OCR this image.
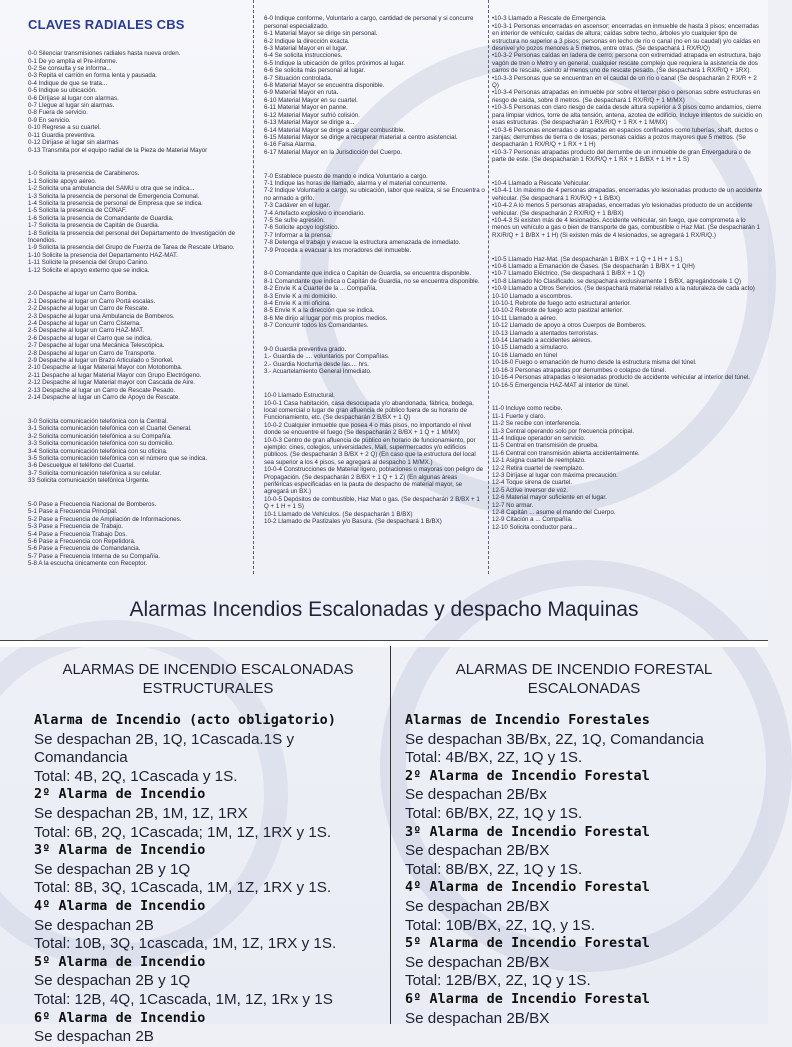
CLAVES RADIALES CBS

0-0 Silenciar transmisiones radiales hasta nueva orden.
0-1 De yo amplía el Pre-informe.
0-2 Se consulta y se informa...
0-3 Repita el carrión en forma lenta y pausada.
0-4 Indique de que se trata...
0-5 Indique su ubicación.
0-6 Diríjase al lugar con alarmas.
0-7 Llegue al lugar sin alarmas.
0-8 Fuera de servicio.
0-9 En servicio.
0-10 Regrese a su cuartel.
0-11 Guardia preventiva.
0-12 Diríjase al lugar sin alarmas
0-13 Transmita por el equipo radial de la Pieza de Material Mayor

1-0 Solicita la presencia de Carabineros.
1-1 Solicite apoyo aéreo.
1-2 Solicita una ambulancia del SAMU u otra que se indica...
1-3 Solicita la presencia de personal de Emergencia Comunal.
1-4 Solicita la presencia de personal de Empresa que se indica.
1-5 Solicita la presencia de CONAF.
1-6 Solicita la presencia de Comandante de Guardia.
1-7 Solicita la presencia de Capitán de Guardia.
1-8 Solicita la presencia del personal del Departamento de Investigación de Incendios.
1-9 Solicita la presencia del Grupo de Fuerza de Tarea de Rescate Urbano.
1-10 Solicite la presencia del Departamento HAZ-MAT.
1-11 Solicite la presencia del Grupo Canino.
1-12 Solicite el apoyo externo que se indica.

2-0 Despache al lugar un Carro Bomba.
2-1 Despache al lugar un Carro Portá escalas.
2-2 Despache al lugar un Carro de Rescate.
2-3 Despache al lugar una Ambulancia de Bomberos.
2-4 Despache al lugar un Carro Cisterna.
2-5 Despache al lugar un Carro HAZ-MAT.
2-6 Despache al lugar el Carro que se indica.
2-7 Despache al lugar una Mecánica Telescópica.
2-8 Despache al lugar un Carro de Transporte.
2-9 Despache al lugar un Brazo Articulado o Snorkel.
2-10 Despache al lugar Material Mayor con Motobomba.
2-11 Despache al lugar Material Mayor con Grupo Electrógeno.
2-12 Despache al lugar Material mayor con Cascada de Aire.
2-13 Despache al lugar un Carro de Rescate Pesado.
2-14 Despache al lugar un Carro de Apoyo de Rescate.

3-0 Solicita comunicación telefónica con la Central.
3-1 Solicita comunicación telefónica con el Cuartel General.
3-2 Solicita comunicación telefónica a su Compañía.
3-3 Solicita comunicación telefónica con su domicilio.
3-4 Solicita comunicación telefónica con su oficina.
3-5 Solicita comunicación telefónica con el número que se indica.
3-6 Descuelgue el teléfono del Cuartel.
3-7 Solicita comunicación telefónica a su celular.
33 Solicita comunicación telefónica Urgente.

5-0 Pase a Frecuencia Nacional de Bomberos.
5-1 Pase a Frecuencia Principal.
5-2 Pase a Frecuencia de Ampliación de Informaciones.
5-3 Pase a Frecuencia de Trabajo.
5-4 Pase a Frecuencia Trabajo Dos.
5-6 Pase a Frecuencia con Repetidora.
5-6 Pase a Frecuencia de Comandancia.
5-7 Pase a Frecuencia Interna de su Compañía.
5-8 A la escucha únicamente con Receptor.

6-0 Indique conforme, Voluntario a cargo, cantidad de personal y si concurre personal especializado.
6-1 Material Mayor se dirige sin personal.
6-2 Indique la dirección exacta.
6-3 Material Mayor en el lugar.
6-4 Se solicita instrucciones.
6-5 Indique la ubicación de grifos próximos al lugar.
6-6 Se solicita más personal al lugar.
6-7 Situación controlada.
6-8 Material Mayor se encuentra disponible.
6-9 Material Mayor en ruta.
6-10 Material Mayor en su cuartel.
6-11 Material Mayor en panne.
6-12 Material Mayor sufrió colisión.
6-13 Material Mayor se dirige a...
6-14 Material Mayor se dirige a cargar combustible.
6-15 Material Mayor se dirige a recuperar material a centro asistencial.
6-16 Falsa Alarma.
6-17 Material Mayor en la Jurisdicción del Cuerpo.

7-0 Establece puesto de mando e indica Voluntario a cargo.
7-1 Indique las horas de llamado, alarma y el material concurrente.
7-2 Indique Voluntario a cargo, su ubicación, labor que realiza, si se Encuentra o no armado a grifo.
7-3 Cadáver en el lugar.
7-4 Artefacto explosivo o incendiario.
7-5 Se sufre agresión.
7-6 Solicite apoyo logístico.
7-7 Informar a la prensa.
7-8 Detenga el trabajo y evacue la estructura amenazada de inmediato.
7-9 Proceda a evacuar a los moradores del inmueble.

8-0 Comandante que indica o Capitán de Guardia, se encuentra disponible.
8-1 Comandante que indica o Capitán de Guardia, no se encuentra disponible.
8-2 Envíe K a Cuartel de la ... Compañía.
8-3 Envíe K a mi domicilio.
8-4 Envíe K a mi oficina.
8-5 Envíe K a la dirección que se indica.
8-6 Me dirijo al lugar por mis propios medios.
8-7 Concurrir todos los Comandantes.

9-0 Guardia preventiva grado.
1.- Guardia de .... voluntarios por Compañías.
2.- Guardia Nocturna desde las.... hrs.
3.- Acuartelamiento General Inmediato.

10-0 Llamado Estructural.
10-0-1 Casa habitación, casa desocupada y/o abandonada, fábrica, bodega, local comercial o lugar de gran afluencia de público fuera de su horario de Funcionamiento, etc. (Se despacharán 2 B/BX + 1 Q)
10-0-2 Cualquier inmueble que posea 4 o más pisos, no importando el nivel donde se encuentre el fuego (Se despacharán 2 B/BX + 1 Q + 1 M/MX)
10-0-3 Centro de gran afluencia de público en horario de funcionamiento, por ejemplo: cines, colegios, universidades, Mall, supermercados y/o edificios públicos. (Se despacharán 3 B/BX + 2 Q) (En caso que la estructura del local sea superior a los 4 pisos, se agregará al despacho 1 M/MX.)
10-0-4 Construcciones de Material ligero, poblaciones o mayoras con peligro de Propagación. (Se despacharán 2 B/BX + 1 Q + 1 Z) (En algunas áreas periféricas especificadas en la pauta de despacho de material mayor, se agregará un BX.)
10-0-5 Depósitos de combustible, Haz Mat o gas. (Se despacharán 2 B/BX + 1 Q + 1 H + 1 S)
10-1 Llamado de Vehículos. (Se despacharán 1 B/BX)
10-2 Llamado de Pastizales y/o Basura. (Se despachará 1 B/BX)

•10-3 Llamado a Rescate de Emergencia.
•10-3-1 Personas encerradas en ascensor; encerradas en inmueble de hasta 3 pisos; encerradas en interior de vehículo; caídas de altura; caídas sobre techo, árboles y/o cualquier tipo de estructura no superior a 3 pisos; personas en lecho de río o canal (no en su caudal) y/o caídas en desnivel y/o pozos menores a 5 metros, entre otras. (Se despachará 1 RX/R/Q)
•10-3-2 Personas caídas en ladera de cerro; persona con extremidad atrapada en estructura, bajo vagón de tren o Metro y en general, cualquier rescate complejo que requiera la asistencia de dos carros de rescate, siendo al menos uno de rescate pesado. (Se despachará 1 RX/R/Q + 1RX).
•10-3-3 Personas que se encuentran en el caudal de un río o canal (Se despacharán 2 RX/R + 2 Q)
•10-3-4 Personas atrapadas en inmueble por sobre el tercer piso o personas sobre estructuras en riesgo de caída, sobre 8 metros. (Se despachará 1 RX/R/Q + 1 M/MX)
•10-3-5 Personas con claro riesgo de caída desde altura superior a 3 pisos como andamios, cierre para limpiar vidrios, torre de alta tensión, antena, azotea de edificio. Incluye intentos de suicidio en esas estructuras. (Se despacharán 1 RX/R/Q + 1 RX + 1 M/MX)
•10-3-6 Personas encerradas o atrapadas en espacios confinados como tuberías, shaft, ductos o zanjas; derrumbes de tierra o de losas; personas caídas a pozos mayores que 5 metros. (Se despacharán 1 RX/R/Q + 1 RX + 1 H)
•10-3-7 Personas atrapadas producto del derrumbe de un inmueble de gran Envergadura o de parte de este. (Se despacharán 1 RX/R/Q + 1 RX + 1 B/BX + 1 H + 1 S)

•10-4 Llamado a Rescate Vehicular.
•10-4-1 Un máximo de 4 personas atrapadas, encerradas y/o lesionadas producto de un accidente vehicular. (Se despachará 1 RX/R/Q + 1 B/BX)
•10-4-2 A lo menos 5 personas atrapadas, encerradas y/o lesionadas producto de un accidente vehicular. (Se despacharán 2 RX/R/Q + 1 B/BX)
•10-4-3 Si existen más de 4 lesionados. Accidente vehicular, sin fuego, que comprometa a lo menos un vehículo a gas o bien de transporte de gas, combustible o Haz Mat. (Se despacharán 1 RX/R/Q + 1 B/BX + 1 H) (Si existen más de 4 lesionados, se agregará 1 RX/R/Q.)

•10-5 Llamado Haz-Mat. (Se despacharán 1 B/BX + 1 Q + 1 H + 1 S.)
•10-6 Llamado a Emanación de Gases. (Se despacharán 1 B/BX + 1 Q/H)
•10-7 Llamado Eléctrico. (Se despachará 1 B/BX + 1 Q)
•10-8 Llamado No Clasificado. se despachará exclusivamente 1 B/BX, agregándosele 1 Q)
•10-9 Llamado a Otros Servicios. (Se despachará material relativo a la naturaleza de cada acto)
10-10 Llamado a escombros.
10-10-1 Rebrote de fuego acto estructural anterior.
10-10-2 Rebrote de fuego acto pastizal anterior.
10-11 Llamado a aéreo.
10-12 Llamado de apoyo a otros Cuerpos de Bomberos.
10-13 Llamado a atentados terroristas.
10-14 Llamado a accidentes aéreos.
10-15 Llamado a simulacro.
10-16 Llamado en túnel
10-16-0 Fuego o emanación de humo desde la estructura misma del túnel.
10-16-3 Personas atrapadas por derrumbes o colapso de túnel.
10-16-4 Personas atrapadas o lesionadas producto de accidente vehicular al interior del túnel.
10-16-5 Emergencia HAZ-MAT al interior de túnel.

11-0 Incluye como recibe.
11-1 Fuerte y claro.
11-2 Se recibe con interferencia.
11-3 Central operando solo por frecuencia principal.
11-4 Indique operador en servicio.
11-5 Central en transmisión de prueba.
11-6 Central con transmisión abierta accidentalmente.
12-1 Asigna cuartel de reemplazo.
12-2 Retira cuartel de reemplazo.
12-3 Diríjase al lugar con máxima precaución.
12-4 Toque sirena de cuartel.
12-5 Active inversor de voz.
12-6 Material mayor suficiente en el lugar.
12-7 No armar.
12-8 Capitán ... asume el mando del Cuerpo.
12-9 Citación a ... Compañía.
12-10 Solicita conductor para...

Alarmas Incendios Escalonadas y despacho Maquinas
ALARMAS DE INCENDIO ESCALONADAS ESTRUCTURALES
Alarma de Incendio (acto obligatorio)
Se despachan 2B, 1Q, 1Cascada.1S y Comandancia
Total: 4B, 2Q, 1Cascada y 1S.
2º Alarma de Incendio
Se despachan 2B, 1M, 1Z, 1RX
Total: 6B, 2Q, 1Cascada; 1M, 1Z, 1RX y 1S.
3º Alarma de Incendio
Se despachan 2B y 1Q
Total: 8B, 3Q, 1Cascada, 1M, 1Z, 1RX y 1S.
4º Alarma de Incendio
Se despachan 2B
Total: 10B, 3Q, 1cascada, 1M, 1Z, 1RX y 1S.
5º Alarma de Incendio
Se despachan 2B y 1Q
Total: 12B, 4Q, 1Cascada, 1M, 1Z, 1Rx y 1S
6º Alarma de Incendio
Se despachan 2B
ALARMAS DE INCENDIO FORESTAL ESCALONADAS
Alarmas de Incendio Forestales
Se despachan 3B/Bx, 2Z, 1Q, Comandancia
Total: 4B/BX, 2Z, 1Q y 1S.
2º Alarma de Incendio Forestal
Se despachan 2B/Bx
Total: 6B/BX, 2Z, 1Q y 1S.
3º Alarma de Incendio Forestal
Se despachan 2B/BX
Total: 8B/BX, 2Z, 1Q y 1S.
4º Alarma de Incendio Forestal
Se despachan 2B/BX
Total: 10B/BX, 2Z, 1Q, y 1S.
5º Alarma de Incendio Forestal
Se despachan 2B/BX
Total: 12B/BX, 2Z, 1Q y 1S.
6º Alarma de Incendio Forestal
Se despachan 2B/BX
